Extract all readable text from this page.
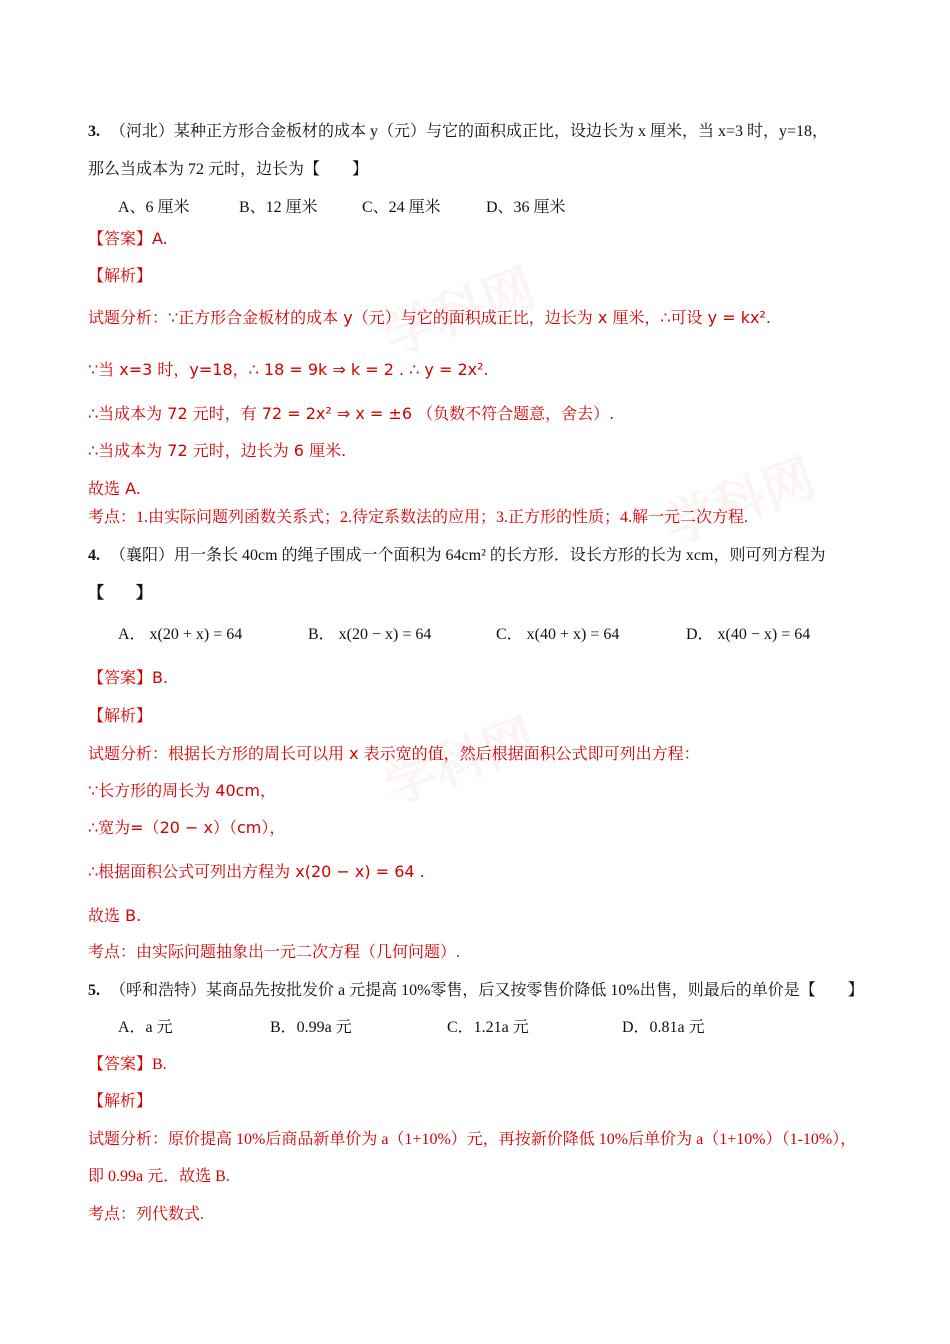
学科网
学科网
学科网
3. （河北）某种正方形合金板材的成本 y（元）与它的面积成正比，设边长为 x 厘米，当 x=3 时，y=18，
那么当成本为 72 元时，边长为【　　】
A、6 厘米	B、12 厘米	C、24 厘米	D、36 厘米
【答案】A.
【解析】
试题分析：∵正方形合金板材的成本 y（元）与它的面积成正比，边长为 x 厘米，∴可设 y = kx².
∵当 x=3 时，y=18，∴ 18 = 9k ⇒ k = 2 . ∴ y = 2x².
∴当成本为 72 元时，有 72 = 2x² ⇒ x = ±6 （负数不符合题意，舍去）.
∴当成本为 72 元时，边长为 6 厘米.
故选 A.
考点：1.由实际问题列函数关系式；2.待定系数法的应用；3.正方形的性质；4.解一元二次方程.
4. （襄阳）用一条长 40cm 的绳子围成一个面积为 64cm² 的长方形．设长方形的长为 xcm，则可列方程为
【　　】
A． x(20 + x) = 64	B． x(20 − x) = 64	C． x(40 + x) = 64	D． x(40 − x) = 64
【答案】B.
【解析】
试题分析：根据长方形的周长可以用 x 表示宽的值，然后根据面积公式即可列出方程：
∵长方形的周长为 40cm，
∴宽为=（20 − x）（cm），
∴根据面积公式可列出方程为 x(20 − x) = 64 .
故选 B.
考点：由实际问题抽象出一元二次方程（几何问题）.
5. （呼和浩特）某商品先按批发价 a 元提高 10%零售，后又按零售价降低 10%出售，则最后的单价是【　　】
A．a 元	B．0.99a 元	C．1.21a 元	D．0.81a 元
【答案】B.
【解析】
试题分析：原价提高 10%后商品新单价为 a（1+10%）元，再按新价降低 10%后单价为 a（1+10%）（1-10%），
即 0.99a 元．故选 B.
考点：列代数式.
